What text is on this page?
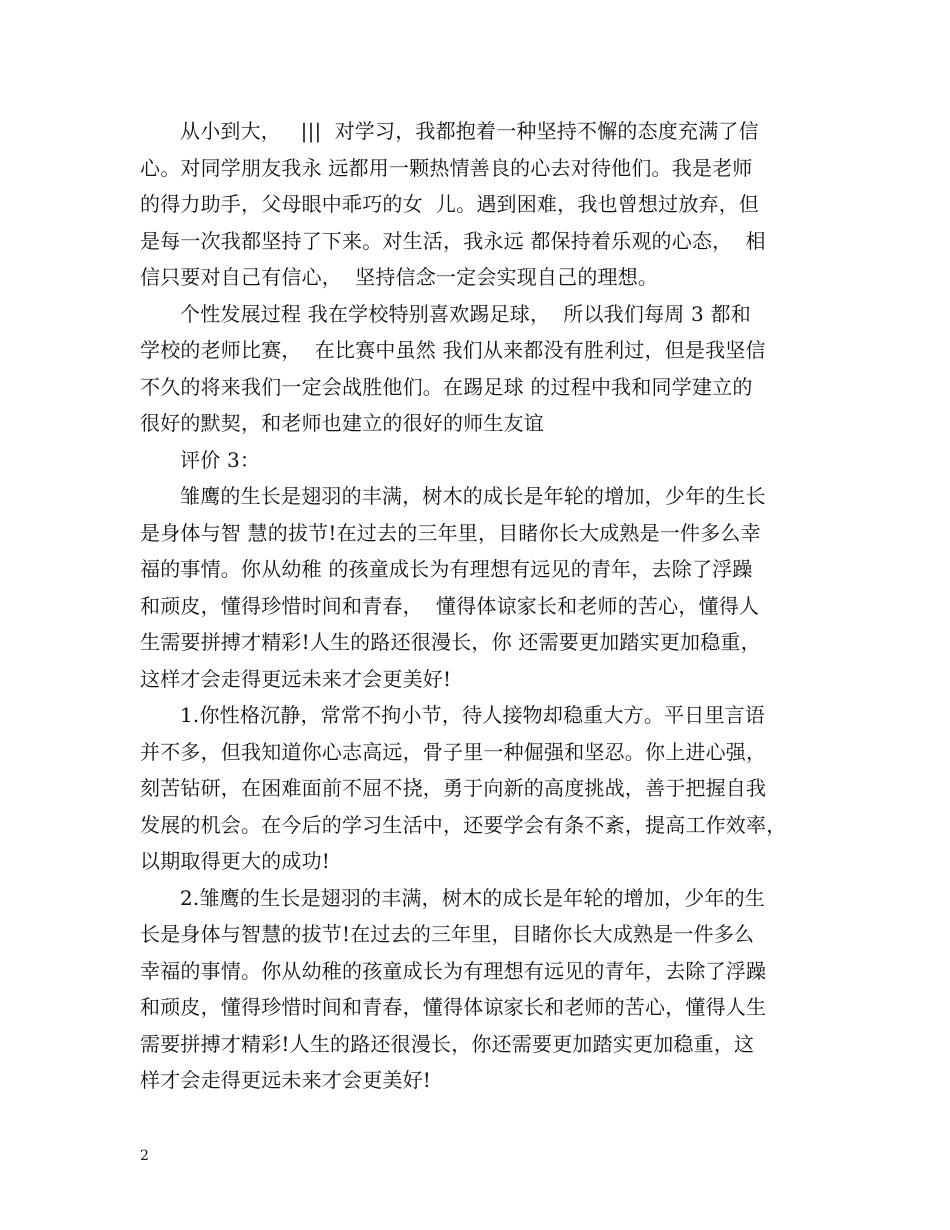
从小到大，   |||  对学习，我都抱着一种坚持不懈的态度充满了信
心。对同学朋友我永 远都用一颗热情善良的心去对待他们。我是老师
的得力助手，父母眼中乖巧的女  儿。遇到困难，我也曾想过放弃，但
是每一次我都坚持了下来。对生活，我永远 都保持着乐观的心态，  相
信只要对自己有信心，  坚持信念一定会实现自己的理想。
个性发展过程 我在学校特别喜欢踢足球，  所以我们每周 3 都和
学校的老师比赛，  在比赛中虽然 我们从来都没有胜利过，但是我坚信
不久的将来我们一定会战胜他们。在踢足球 的过程中我和同学建立的
很好的默契，和老师也建立的很好的师生友谊
评价 3：
雏鹰的生长是翅羽的丰满，树木的成长是年轮的增加，少年的生长
是身体与智 慧的拔节!在过去的三年里，目睹你长大成熟是一件多么幸
福的事情。你从幼稚 的孩童成长为有理想有远见的青年，去除了浮躁
和顽皮，懂得珍惜时间和青春，  懂得体谅家长和老师的苦心，懂得人
生需要拼搏才精彩!人生的路还很漫长，你 还需要更加踏实更加稳重，
这样才会走得更远未来才会更美好!
1.你性格沉静，常常不拘小节，待人接物却稳重大方。平日里言语
并不多，但我知道你心志高远，骨子里一种倔强和坚忍。你上进心强，
刻苦钻研，在困难面前不屈不挠，勇于向新的高度挑战，善于把握自我
发展的机会。在今后的学习生活中，还要学会有条不紊，提高工作效率，
以期取得更大的成功!
2.雏鹰的生长是翅羽的丰满，树木的成长是年轮的增加，少年的生
长是身体与智慧的拔节!在过去的三年里，目睹你长大成熟是一件多么
幸福的事情。你从幼稚的孩童成长为有理想有远见的青年，去除了浮躁
和顽皮，懂得珍惜时间和青春，懂得体谅家长和老师的苦心，懂得人生
需要拼搏才精彩!人生的路还很漫长，你还需要更加踏实更加稳重，这
样才会走得更远未来才会更美好!
2
